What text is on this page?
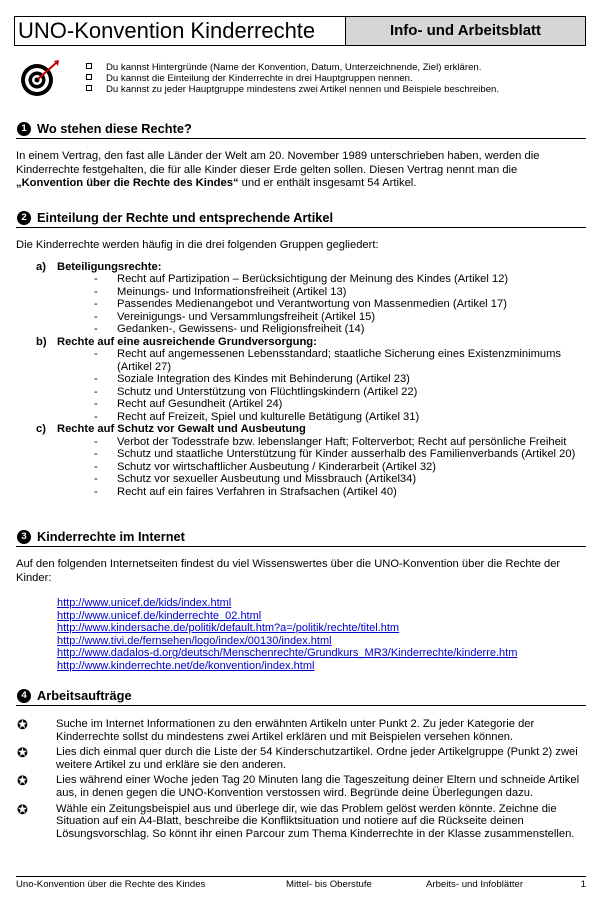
UNO-Konvention Kinderrechte	Info- und Arbeitsblatt
Du kannst Hintergründe (Name der Konvention, Datum, Unterzeichnende, Ziel) erklären.
Du kannst die Einteilung der Kinderrechte in drei Hauptgruppen nennen.
Du kannst zu jeder Hauptgruppe mindestens zwei Artikel nennen und Beispiele beschreiben.
1 Wo stehen diese Rechte?

In einem Vertrag, den fast alle Länder der Welt am 20. November 1989 unterschrieben haben, werden die Kinderrechte festgehalten, die für alle Kinder dieser Erde gelten sollen. Diesen Vertrag nennt man die „Konvention über die Rechte des Kindes“ und er enthält insgesamt 54 Artikel.

2 Einteilung der Rechte und entsprechende Artikel

Die Kinderrechte werden häufig in die drei folgenden Gruppen gegliedert:

a) Beteiligungsrechte:
- Recht auf Partizipation – Berücksichtigung der Meinung des Kindes (Artikel 12)
- Meinungs- und Informationsfreiheit (Artikel 13)
- Passendes Medienangebot und Verantwortung von Massenmedien (Artikel 17)
- Vereinigungs- und Versammlungsfreiheit (Artikel 15)
- Gedanken-, Gewissens- und Religionsfreiheit (14)
b) Rechte auf eine ausreichende Grundversorgung:
- Recht auf angemessenen Lebensstandard; staatliche Sicherung eines Existenzminimums (Artikel 27)
- Soziale Integration des Kindes mit Behinderung (Artikel 23)
- Schutz und Unterstützung von Flüchtlingskindern (Artikel 22)
- Recht auf Gesundheit (Artikel 24)
- Recht auf Freizeit, Spiel und kulturelle Betätigung (Artikel 31)
c) Rechte auf Schutz vor Gewalt und Ausbeutung
- Verbot der Todesstrafe bzw. lebenslanger Haft; Folterverbot; Recht auf persönliche Freiheit
- Schutz und staatliche Unterstützung für Kinder ausserhalb des Familienverbands (Artikel 20)
- Schutz vor wirtschaftlicher Ausbeutung / Kinderarbeit (Artikel 32)
- Schutz vor sexueller Ausbeutung und Missbrauch (Artikel34)
- Recht auf ein faires Verfahren in Strafsachen (Artikel 40)
3 Kinderrechte im Internet

Auf den folgenden Internetseiten findest du viel Wissenswertes über die UNO-Konvention über die Rechte der Kinder:

http://www.unicef.de/kids/index.html
http://www.unicef.de/kinderrechte_02.html
http://www.kindersache.de/politik/default.htm?a=/politik/rechte/titel.htm
http://www.tivi.de/fernsehen/logo/index/00130/index.html
http://www.dadalos-d.org/deutsch/Menschenrechte/Grundkurs_MR3/Kinderrechte/kinderre.htm
http://www.kinderrechte.net/de/konvention/index.html
4 Arbeitsaufträge
✪	Suche im Internet Informationen zu den erwähnten Artikeln unter Punkt 2. Zu jeder Kategorie der Kinderrechte sollst du mindestens zwei Artikel erklären und mit Beispielen versehen können.
✪	Lies dich einmal quer durch die Liste der 54 Kinderschutzartikel. Ordne jeder Artikelgruppe (Punkt 2) zwei weitere Artikel zu und erkläre sie den anderen.
✪	Lies während einer Woche jeden Tag 20 Minuten lang die Tageszeitung deiner Eltern und schneide Artikel aus, in denen gegen die UNO-Konvention verstossen wird. Begründe deine Überlegungen dazu.
✪	Wähle ein Zeitungsbeispiel aus und überlege dir, wie das Problem gelöst werden könnte. Zeichne die Situation auf ein A4-Blatt, beschreibe die Konfliktsituation und notiere auf die Rückseite deinen Lösungsvorschlag. So könnt ihr einen Parcour zum Thema Kinderrechte in der Klasse zusammenstellen.
Uno-Konvention über die Rechte des Kindes	Mittel- bis Oberstufe	Arbeits- und Infoblätter	1
